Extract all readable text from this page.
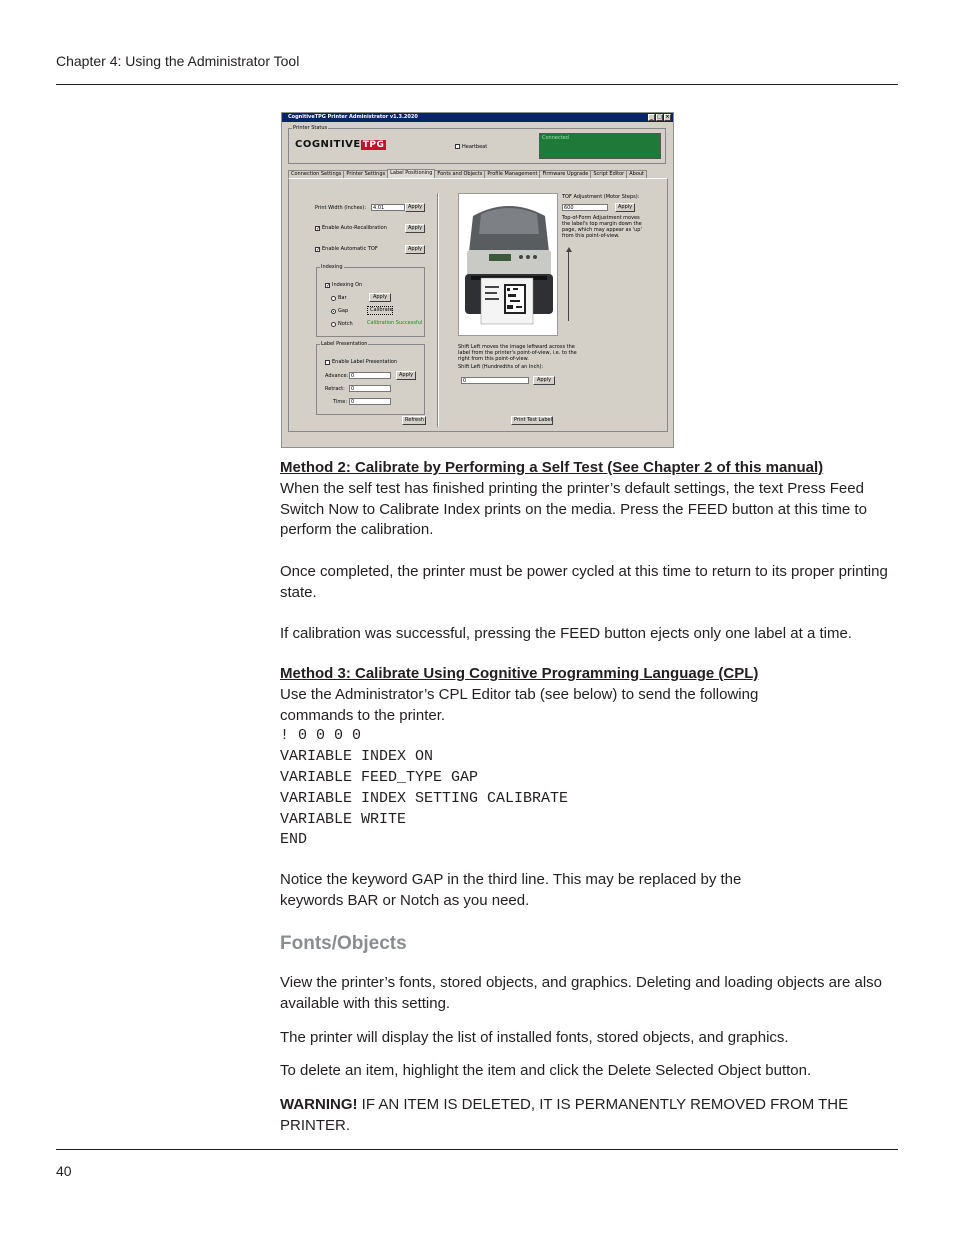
Chapter 4: Using the Administrator Tool
CognitiveTPG Printer Administrator v1.3.2020	_ □ ×
Printer Status
COGNITIVE TPG	Heartbeat
Connected
Connection Settings	Printer Settings	Label Positioning	Fonts and Objects	Profile Management	Firmware Upgrade	Script Editor	About
Print Width (Inches):	4.01	Apply
✓ Enable Auto-Recalibration	Apply
✓ Enable Automatic TOF	Apply
Indexing
✓ Indexing On
Bar
Gap
Notch
Apply
Calibrate
Calibration Successful
Label Presentation
Enable Label Presentation
Advance: 0
Retract:	0
Time: 0
Apply
TOF Adjustment (Motor Steps):
600	Apply
Top-of-Form Adjustment moves
the label's top margin down the
page, which may appear as 'up'
from this point-of-view.
Shift Left moves the image leftward across the
label from the printer's point-of-view, i.e. to the
right from this point-of-view.
Shift Left (Hundredths of an Inch):
0	Apply
Refresh	Print Test Label

Method 2: Calibrate by Performing a Self Test (See Chapter 2 of this manual)

When the self test has finished printing the printer’s default settings, the text Press Feed Switch Now to Calibrate Index prints on the media. Press the FEED button at this time to perform the calibration.

Once completed, the printer must be power cycled at this time to return to its proper printing state.

If calibration was successful, pressing the FEED button ejects only one label at a time.

Method 3: Calibrate Using Cognitive Programming Language (CPL)

Use the Administrator’s CPL Editor tab (see below) to send the following

commands to the printer.

! 0 0 0 0
VARIABLE INDEX ON
VARIABLE FEED_TYPE GAP
VARIABLE INDEX SETTING CALIBRATE
VARIABLE WRITE
END

Notice the keyword GAP in the third line. This may be replaced by the

keywords BAR or Notch as you need.

Fonts/Objects

View the printer’s fonts, stored objects, and graphics. Deleting and loading objects are also available with this setting.

The printer will display the list of installed fonts, stored objects, and graphics.

To delete an item, highlight the item and click the Delete Selected Object button.

WARNING! IF AN ITEM IS DELETED, IT IS PERMANENTLY REMOVED FROM THE PRINTER.

40
